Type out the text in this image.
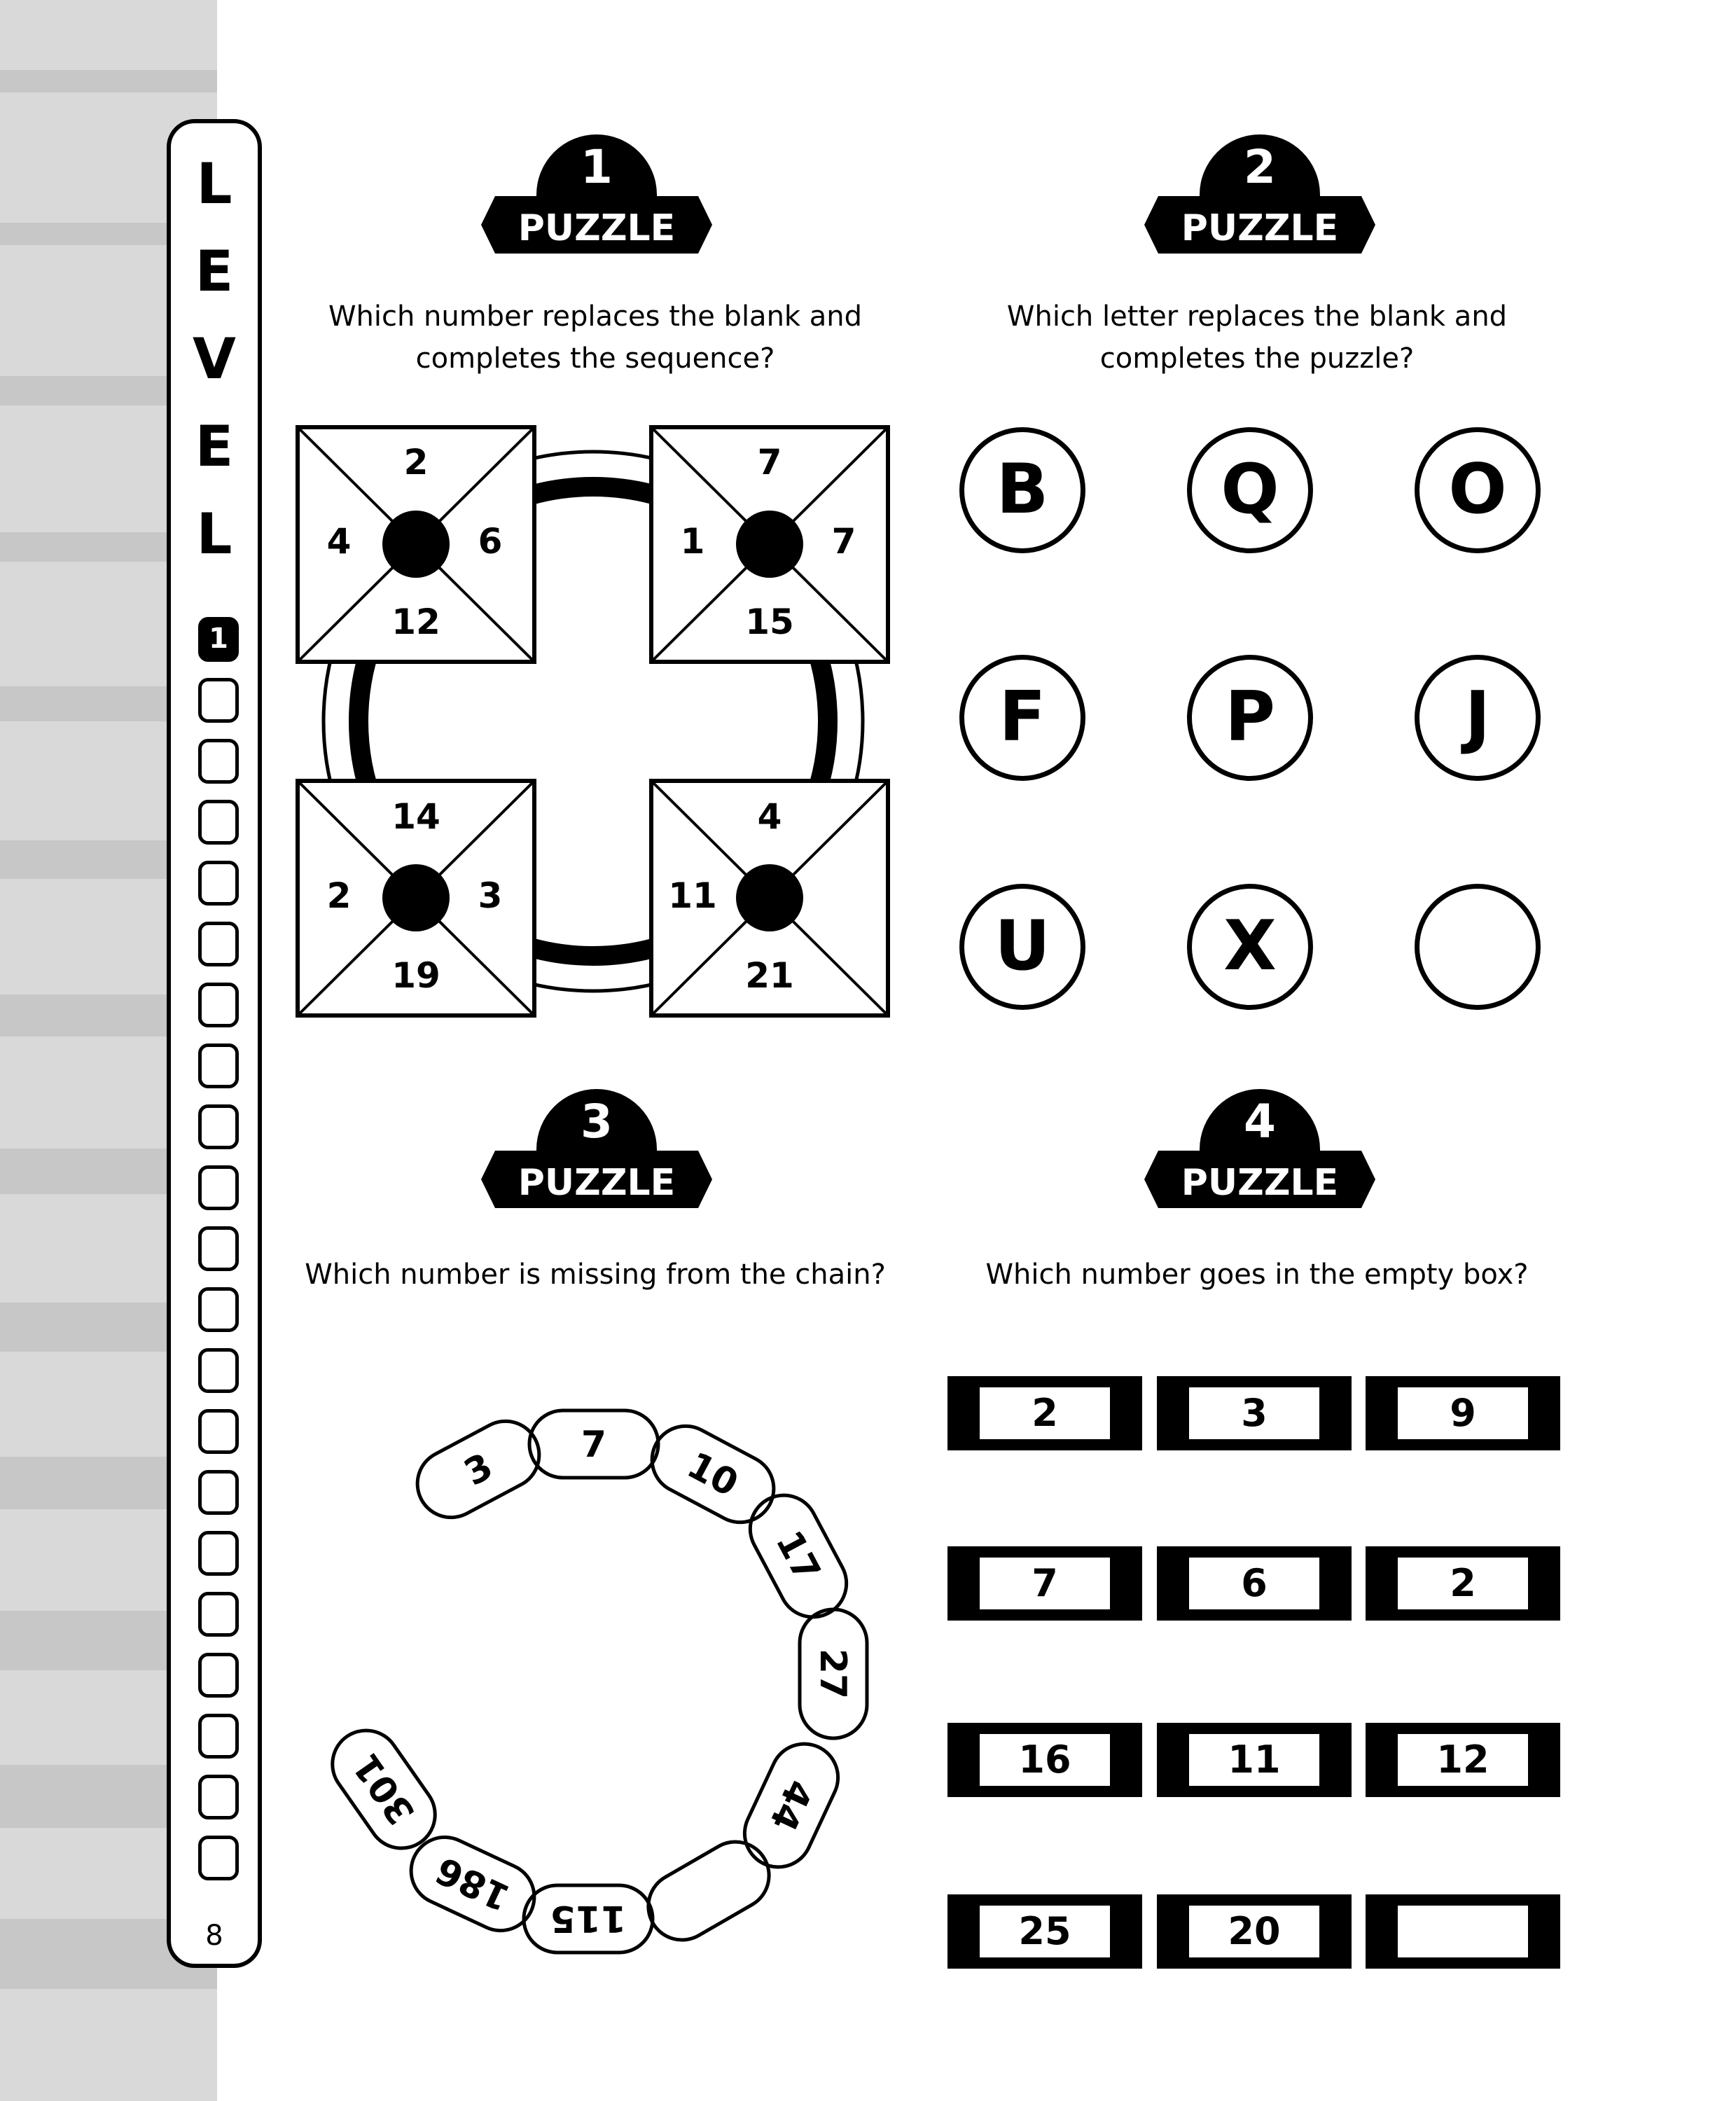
L
E
V
E
L
1
8
1
PUZZLE
Which number replaces the blank and
completes the sequence?
2
4	6
12
7
1	7
15
14
2	3
19
4
11
21
2
PUZZLE
Which letter replaces the blank and
completes the puzzle?
B	Q	O
F	P	J
U	X
3
PUZZLE
Which number is missing from the chain?
3
7 10
17
27
44
115
186
301
4
PUZZLE
Which number goes in the empty box?
2	3	9
7	6	2
16	11	12
25	20
